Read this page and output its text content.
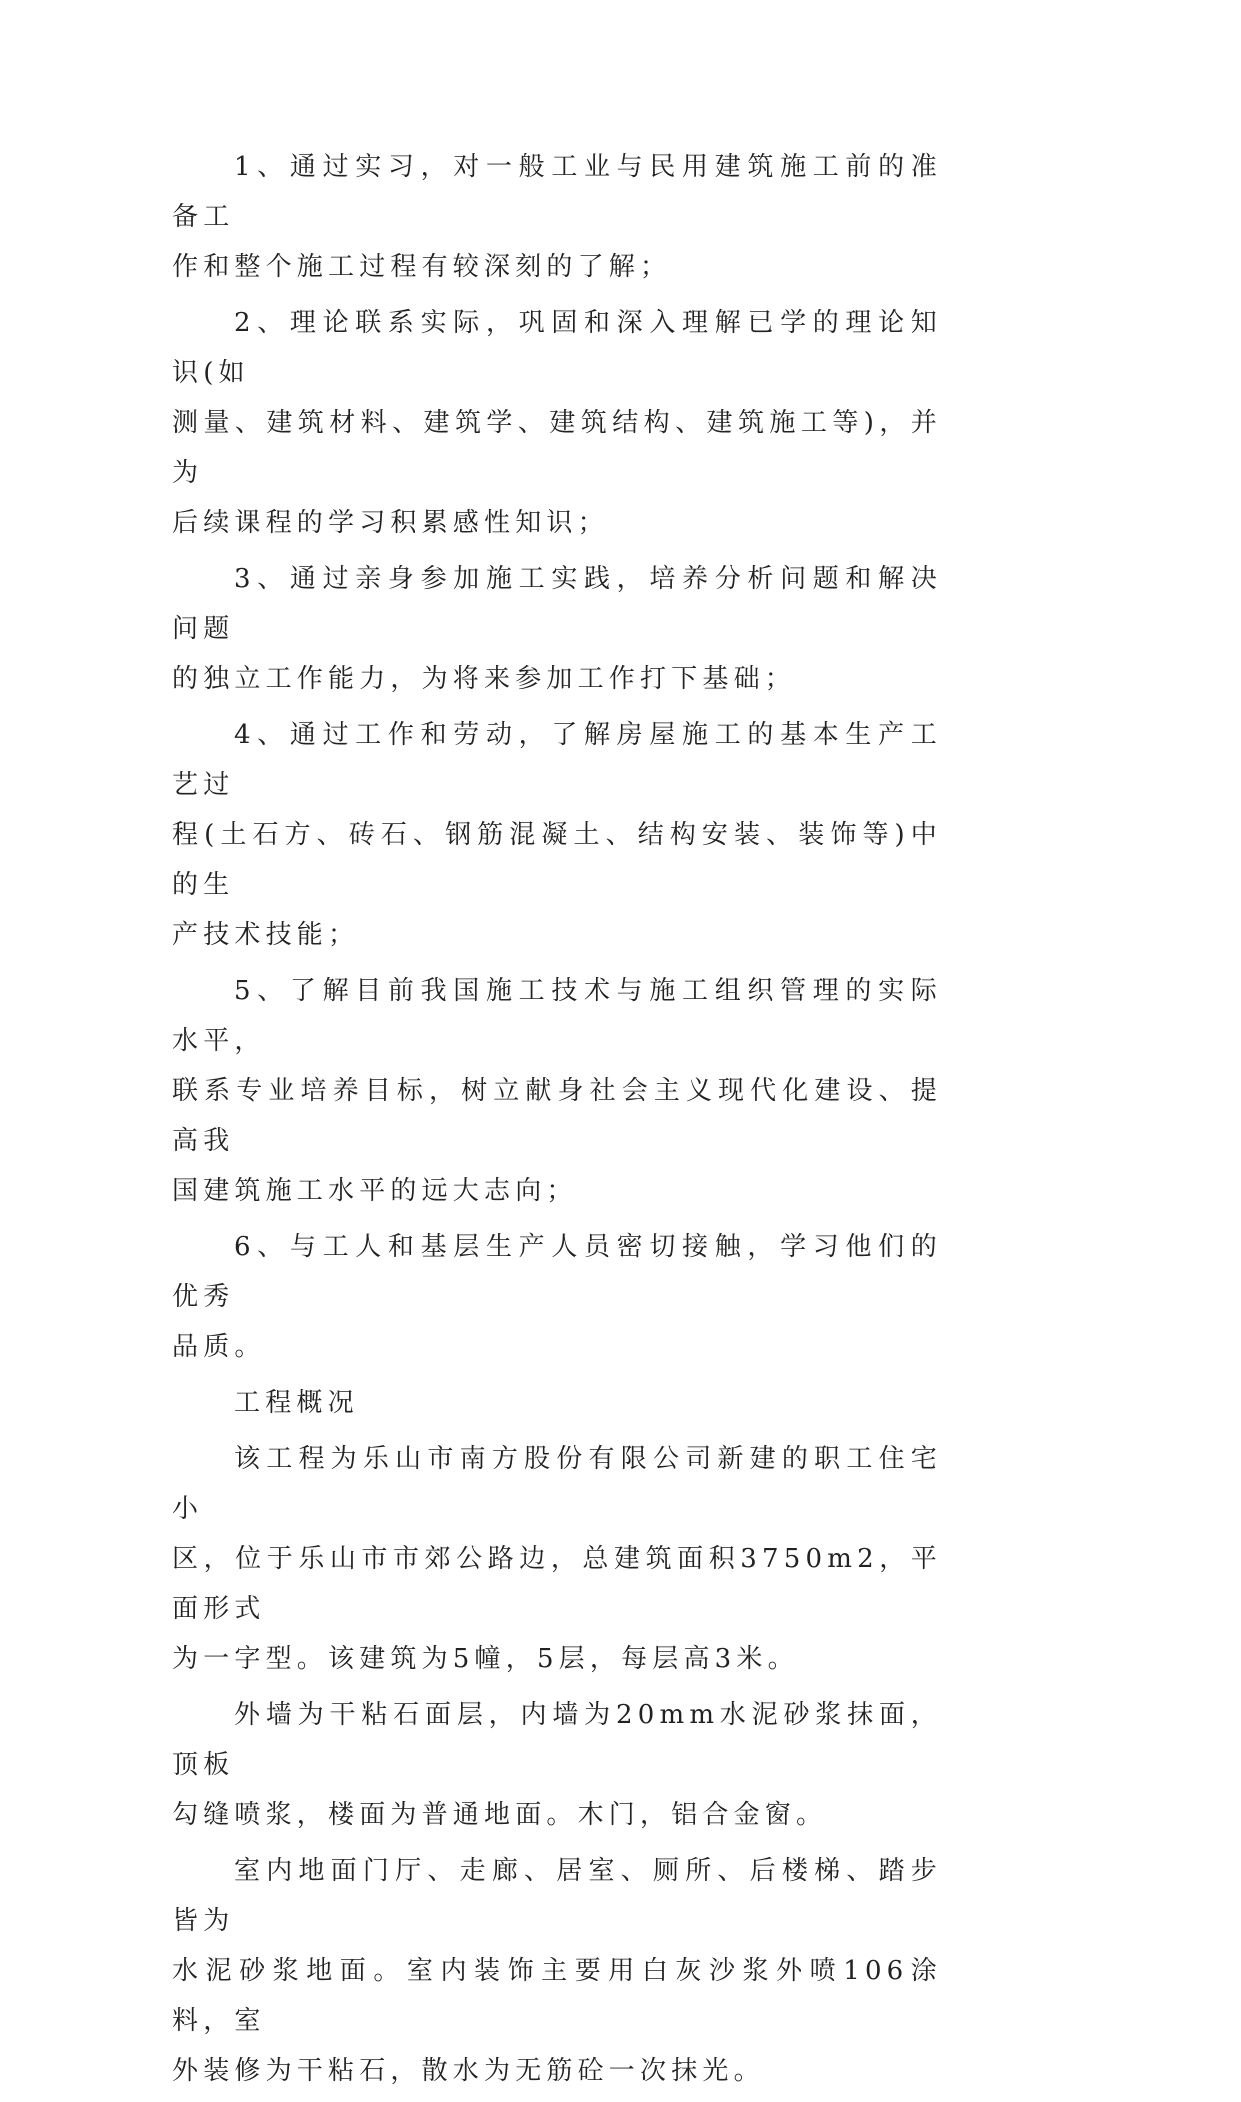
1、通过实习，对一般工业与民用建筑施工前的准备工
作和整个施工过程有较深刻的了解；

2、理论联系实际，巩固和深入理解已学的理论知识(如
测量、建筑材料、建筑学、建筑结构、建筑施工等)，并为
后续课程的学习积累感性知识；

3、通过亲身参加施工实践，培养分析问题和解决问题
的独立工作能力，为将来参加工作打下基础；

4、通过工作和劳动，了解房屋施工的基本生产工艺过
程(土石方、砖石、钢筋混凝土、结构安装、装饰等)中的生
产技术技能；

5、了解目前我国施工技术与施工组织管理的实际水平，
联系专业培养目标，树立献身社会主义现代化建设、提高我
国建筑施工水平的远大志向；

6、与工人和基层生产人员密切接触，学习他们的优秀
品质。

工程概况

该工程为乐山市南方股份有限公司新建的职工住宅小
区，位于乐山市市郊公路边，总建筑面积3750m2，平面形式
为一字型。该建筑为5幢，5层，每层高3米。

外墙为干粘石面层，内墙为20mm水泥砂浆抹面，顶板
勾缝喷浆，楼面为普通地面。木门，铝合金窗。

室内地面门厅、走廊、居室、厕所、后楼梯、踏步皆为
水泥砂浆地面。室内装饰主要用白灰沙浆外喷106涂料，室
外装修为干粘石，散水为无筋砼一次抹光。
